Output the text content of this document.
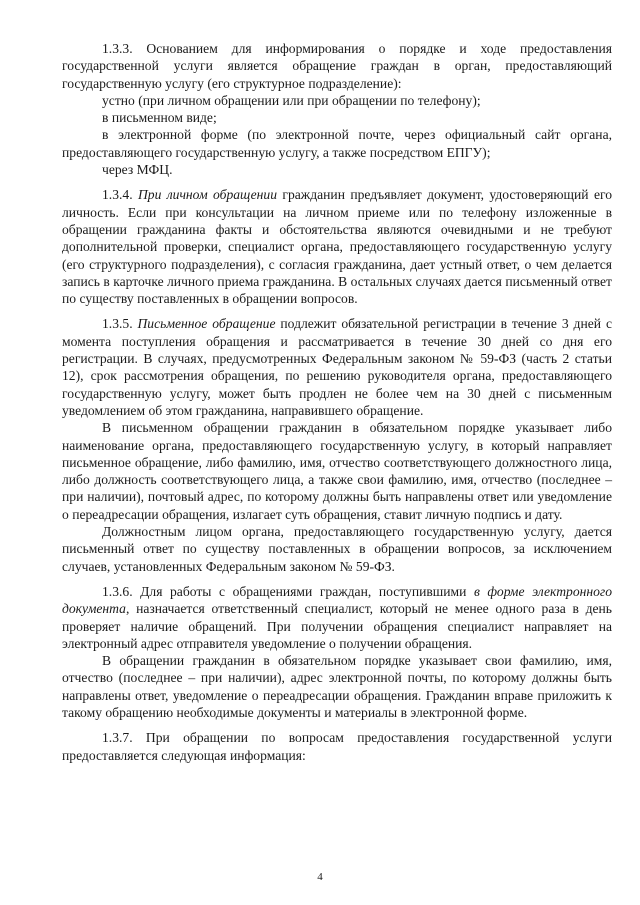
1.3.3. Основанием для информирования о порядке и ходе предоставления государственной услуги является обращение граждан в орган, предоставляющий государственную услугу (его структурное подразделение):

устно (при личном обращении или при обращении по телефону);

в письменном виде;

в электронной форме (по электронной почте, через официальный сайт органа, предоставляющего государственную услугу, а также посредством ЕПГУ);

через МФЦ.

1.3.4. При личном обращении гражданин предъявляет документ, удостоверяющий его личность. Если при консультации на личном приеме или по телефону изложенные в обращении гражданина факты и обстоятельства являются очевидными и не требуют дополнительной проверки, специалист органа, предоставляющего государственную услугу (его структурного подразделения), с согласия гражданина, дает устный ответ, о чем делается запись в карточке личного приема гражданина. В остальных случаях дается письменный ответ по существу поставленных в обращении вопросов.

1.3.5. Письменное обращение подлежит обязательной регистрации в течение 3 дней с момента поступления обращения и рассматривается в течение 30 дней со дня его регистрации. В случаях, предусмотренных Федеральным законом № 59-ФЗ (часть 2 статьи 12), срок рассмотрения обращения, по решению руководителя органа, предоставляющего государственную услугу, может быть продлен не более чем на 30 дней с письменным уведомлением об этом гражданина, направившего обращение.

В письменном обращении гражданин в обязательном порядке указывает либо наименование органа, предоставляющего государственную услугу, в который направляет письменное обращение, либо фамилию, имя, отчество соответствующего должностного лица, либо должность соответствующего лица, а также свои фамилию, имя, отчество (последнее – при наличии), почтовый адрес, по которому должны быть направлены ответ или уведомление о переадресации обращения, излагает суть обращения, ставит личную подпись и дату.

Должностным лицом органа, предоставляющего государственную услугу, дается письменный ответ по существу поставленных в обращении вопросов, за исключением случаев, установленных Федеральным законом № 59-ФЗ.

1.3.6. Для работы с обращениями граждан, поступившими в форме электронного документа, назначается ответственный специалист, который не менее одного раза в день проверяет наличие обращений. При получении обращения специалист направляет на электронный адрес отправителя уведомление о получении обращения.

В обращении гражданин в обязательном порядке указывает свои фамилию, имя, отчество (последнее – при наличии), адрес электронной почты, по которому должны быть направлены ответ, уведомление о переадресации обращения. Гражданин вправе приложить к такому обращению необходимые документы и материалы в электронной форме.

1.3.7. При обращении по вопросам предоставления государственной услуги предоставляется следующая информация:

4
